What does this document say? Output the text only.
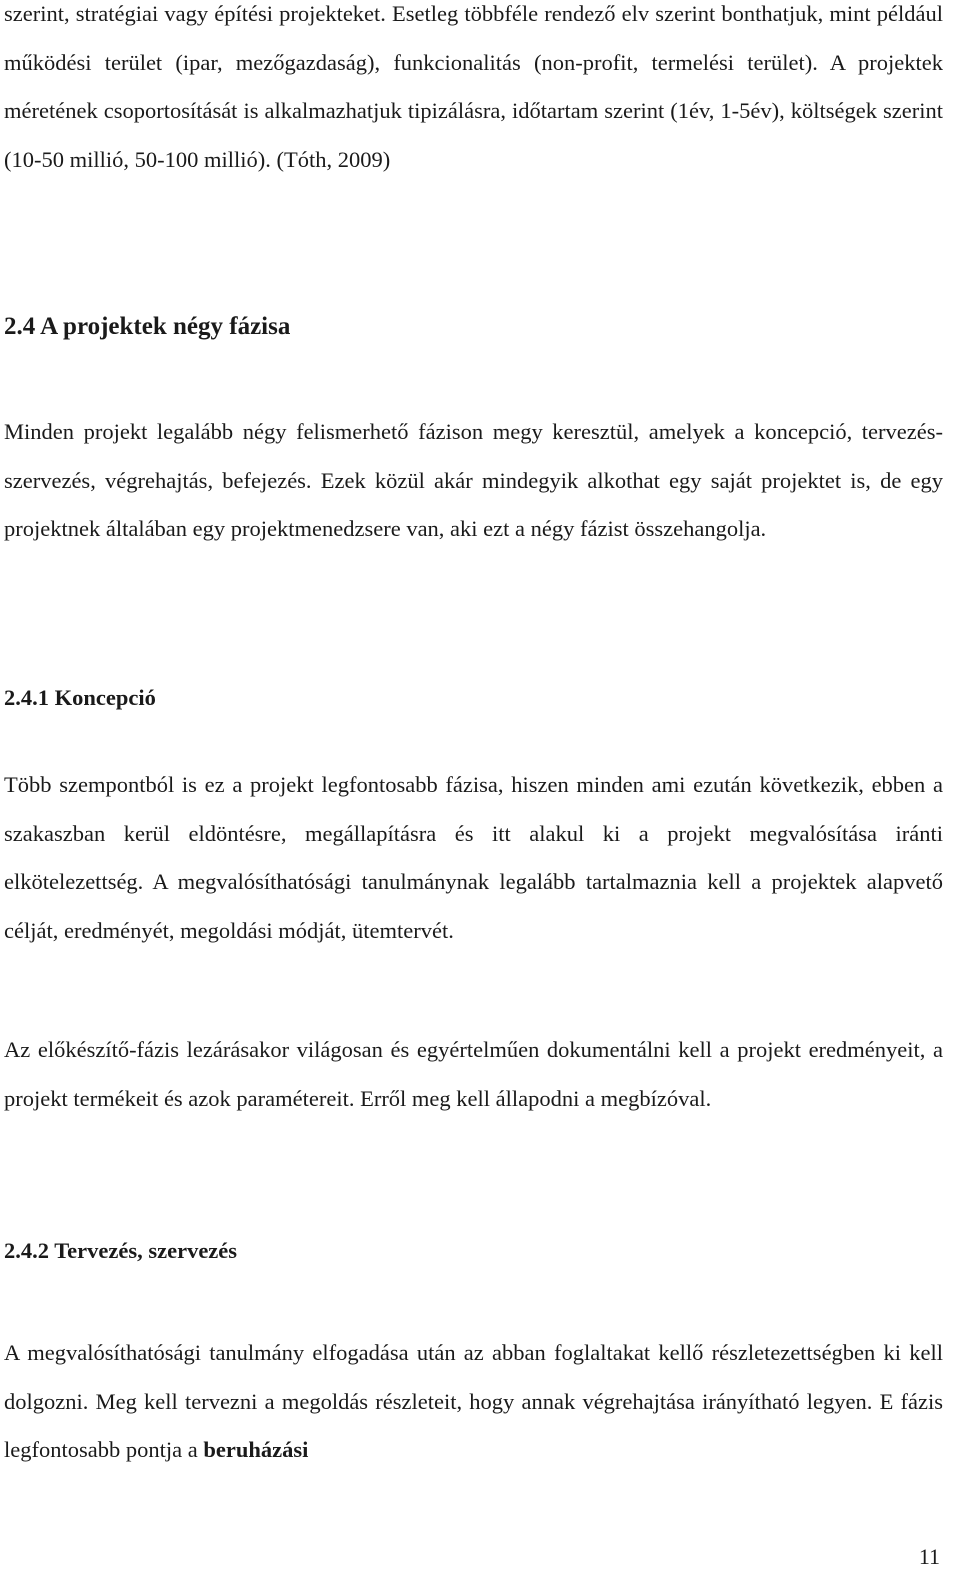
szerint, stratégiai vagy építési projekteket. Esetleg többféle rendező elv szerint bonthatjuk, mint például működési terület (ipar, mezőgazdaság), funkcionalitás (non-profit, termelési terület). A projektek méretének csoportosítását is alkalmazhatjuk tipizálásra, időtartam szerint (1év, 1-5év), költségek szerint (10-50 millió, 50-100 millió). (Tóth, 2009)

2.4 A projektek négy fázisa

Minden projekt legalább négy felismerhető fázison megy keresztül, amelyek a koncepció, tervezés-szervezés, végrehajtás, befejezés. Ezek közül akár mindegyik alkothat egy saját projektet is, de egy projektnek általában egy projektmenedzsere van, aki ezt a négy fázist összehangolja.

2.4.1 Koncepció

Több szempontból is ez a projekt legfontosabb fázisa, hiszen minden ami ezután következik, ebben a szakaszban kerül eldöntésre, megállapításra és itt alakul ki a projekt megvalósítása iránti elkötelezettség. A megvalósíthatósági tanulmánynak legalább tartalmaznia kell a projektek alapvető célját, eredményét, megoldási módját, ütemtervét.

Az előkészítő-fázis lezárásakor világosan és egyértelműen dokumentálni kell a projekt eredményeit, a projekt termékeit és azok paramétereit. Erről meg kell állapodni a megbízóval.

2.4.2 Tervezés, szervezés

A megvalósíthatósági tanulmány elfogadása után az abban foglaltakat kellő részletezettségben ki kell dolgozni. Meg kell tervezni a megoldás részleteit, hogy annak végrehajtása irányítható legyen. E fázis legfontosabb pontja a beruházási

11
